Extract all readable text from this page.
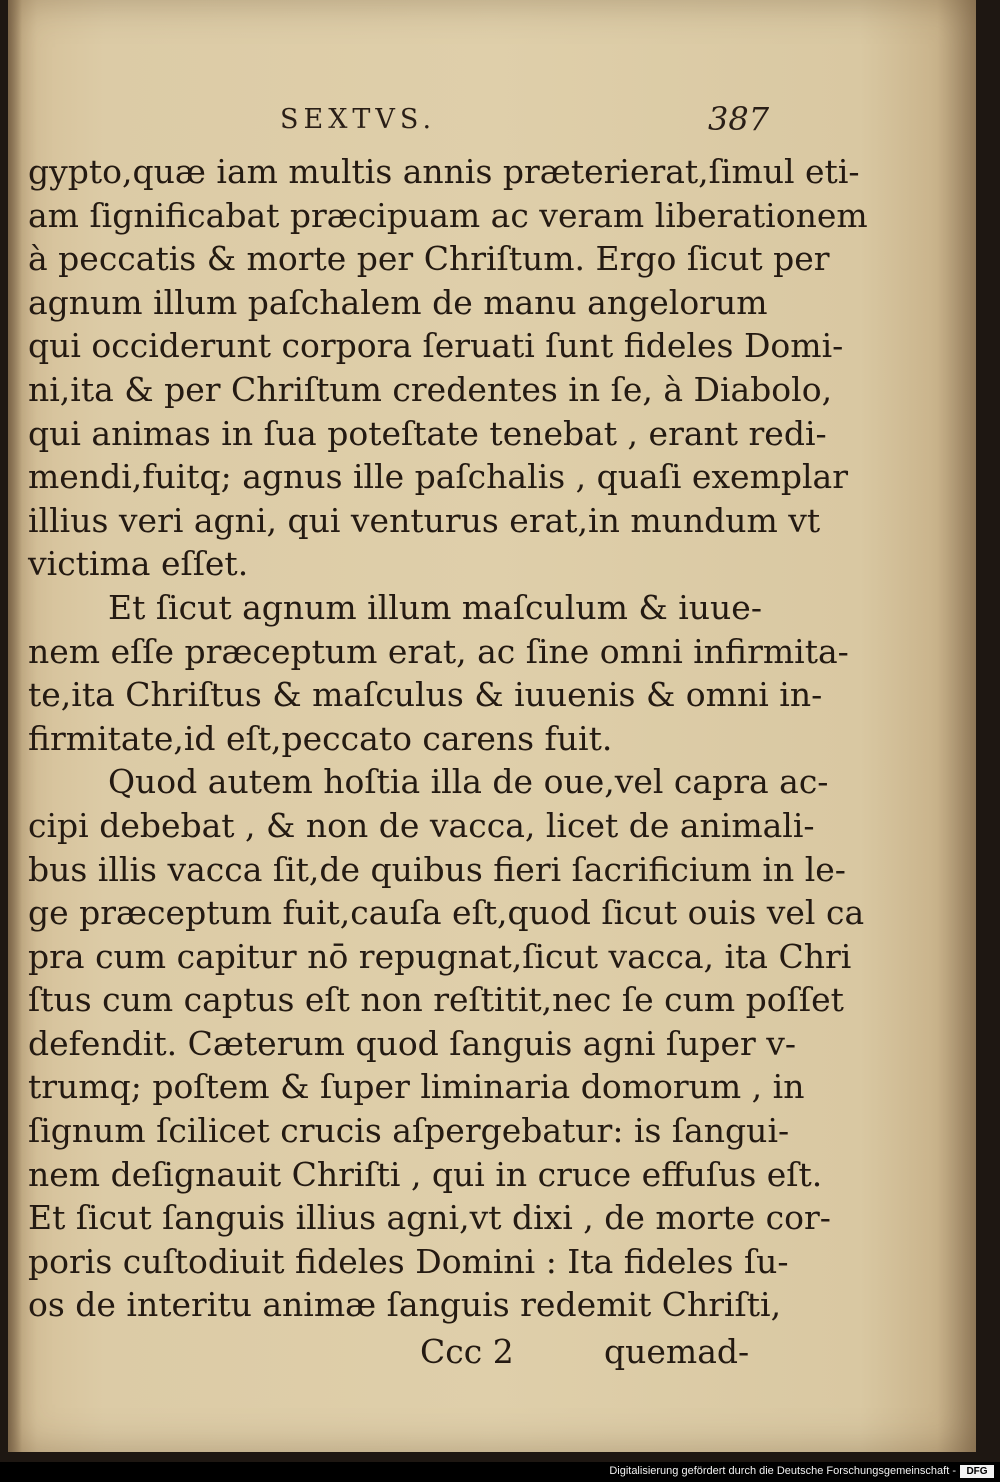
SEXTVS.	387
gypto,quæ iam multis annis præterierat,ſimul eti-
am ſignificabat præcipuam ac veram liberationem
à peccatis & morte per Chriſtum. Ergo ſicut per
agnum illum paſchalem de manu angelorum
qui occiderunt corpora ſeruati ſunt fideles Domi-
ni,ita & per Chriſtum credentes in ſe, à Diabolo,
qui animas in ſua poteſtate tenebat , erant redi-
mendi,fuitq; agnus ille paſchalis , quaſi exemplar
illius veri agni, qui venturus erat,in mundum vt
victima eſſet.
Et ſicut agnum illum maſculum & iuue-
nem eſſe præceptum erat, ac ſine omni infirmita-
te,ita Chriſtus & maſculus & iuuenis & omni in-
firmitate,id eſt,peccato carens fuit.
Quod autem hoſtia illa de oue,vel capra ac-
cipi debebat , & non de vacca, licet de animali-
bus illis vacca ſit,de quibus fieri ſacrificium in le-
ge præceptum fuit,cauſa eſt,quod ſicut ouis vel ca
pra cum capitur nō repugnat,ſicut vacca, ita Chri
ſtus cum captus eſt non reſtitit,nec ſe cum poſſet
defendit. Cæterum quod ſanguis agni ſuper v-
trumq; poſtem & ſuper liminaria domorum , in
ſignum ſcilicet crucis aſpergebatur: is ſangui-
nem deſignauit Chriſti , qui in cruce effuſus eſt.
Et ſicut ſanguis illius agni,vt dixi , de morte cor-
poris cuſtodiuit fideles Domini : Ita fideles ſu-
os de interitu animæ ſanguis redemit Chriſti,
Ccc 2	quemad-
Digitalisierung gefördert durch die Deutsche Forschungsgemeinschaft -	DFG
